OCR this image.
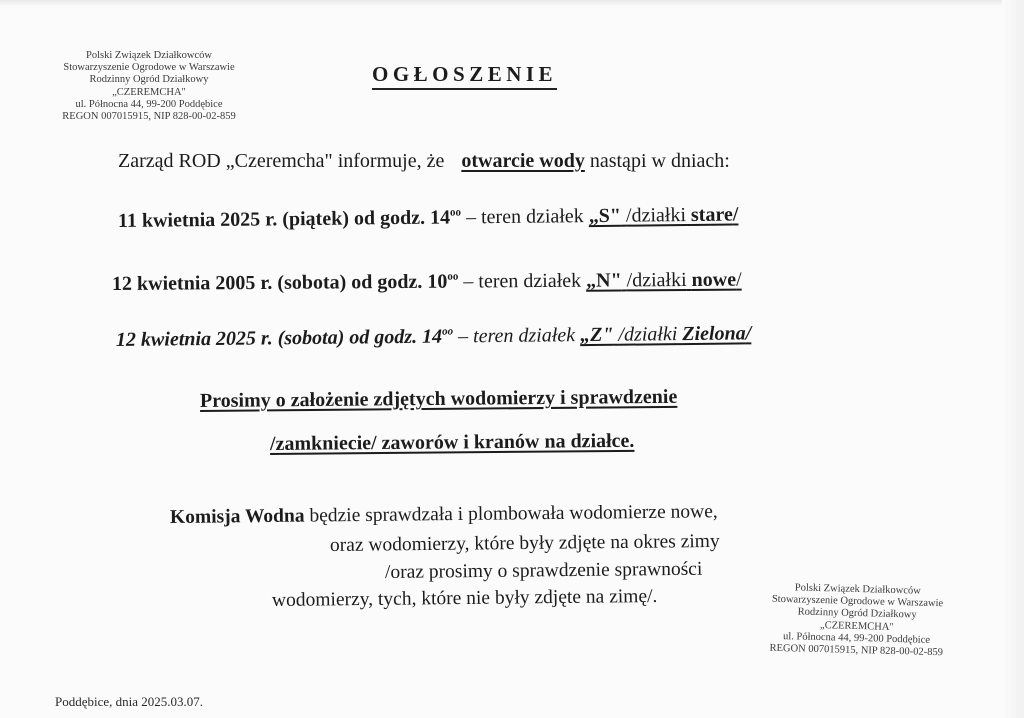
Polski Związek Działkowców
Stowarzyszenie Ogrodowe w Warszawie
Rodzinny Ogród Działkowy
„CZEREMCHA"
ul. Północna 44, 99-200 Poddębice
REGON 007015915, NIP 828-00-02-859
OGŁOSZENIE
Zarząd ROD „Czeremcha" informuje, że otwarcie wody nastąpi w dniach:
11 kwietnia 2025 r. (piątek) od godz. $14^{oo}$ – teren działek „S" /działki stare/
12 kwietnia 2005 r. (sobota) od godz. $10^{oo}$ – teren działek „N" /działki nowe/
12 kwietnia 2025 r. (sobota) od godz. $14^{oo}$ – teren działek „Z" /działki Zielona/
Prosimy o założenie zdjętych wodomierzy i sprawdzenie
/zamkniecie/ zaworów i kranów na działce.
Komisja Wodna będzie sprawdzała i plombowała wodomierze nowe,
oraz wodomierzy, które były zdjęte na okres zimy
/oraz prosimy o sprawdzenie sprawności
wodomierzy, tych, które nie były zdjęte na zimę/.	Polski Związek Działkowców
Stowarzyszenie Ogrodowe w Warszawie
Rodzinny Ogród Działkowy
„CZEREMCHA"
ul. Północna 44, 99-200 Poddębice
REGON 007015915, NIP 828-00-02-859
Poddębice, dnia 2025.03.07.
